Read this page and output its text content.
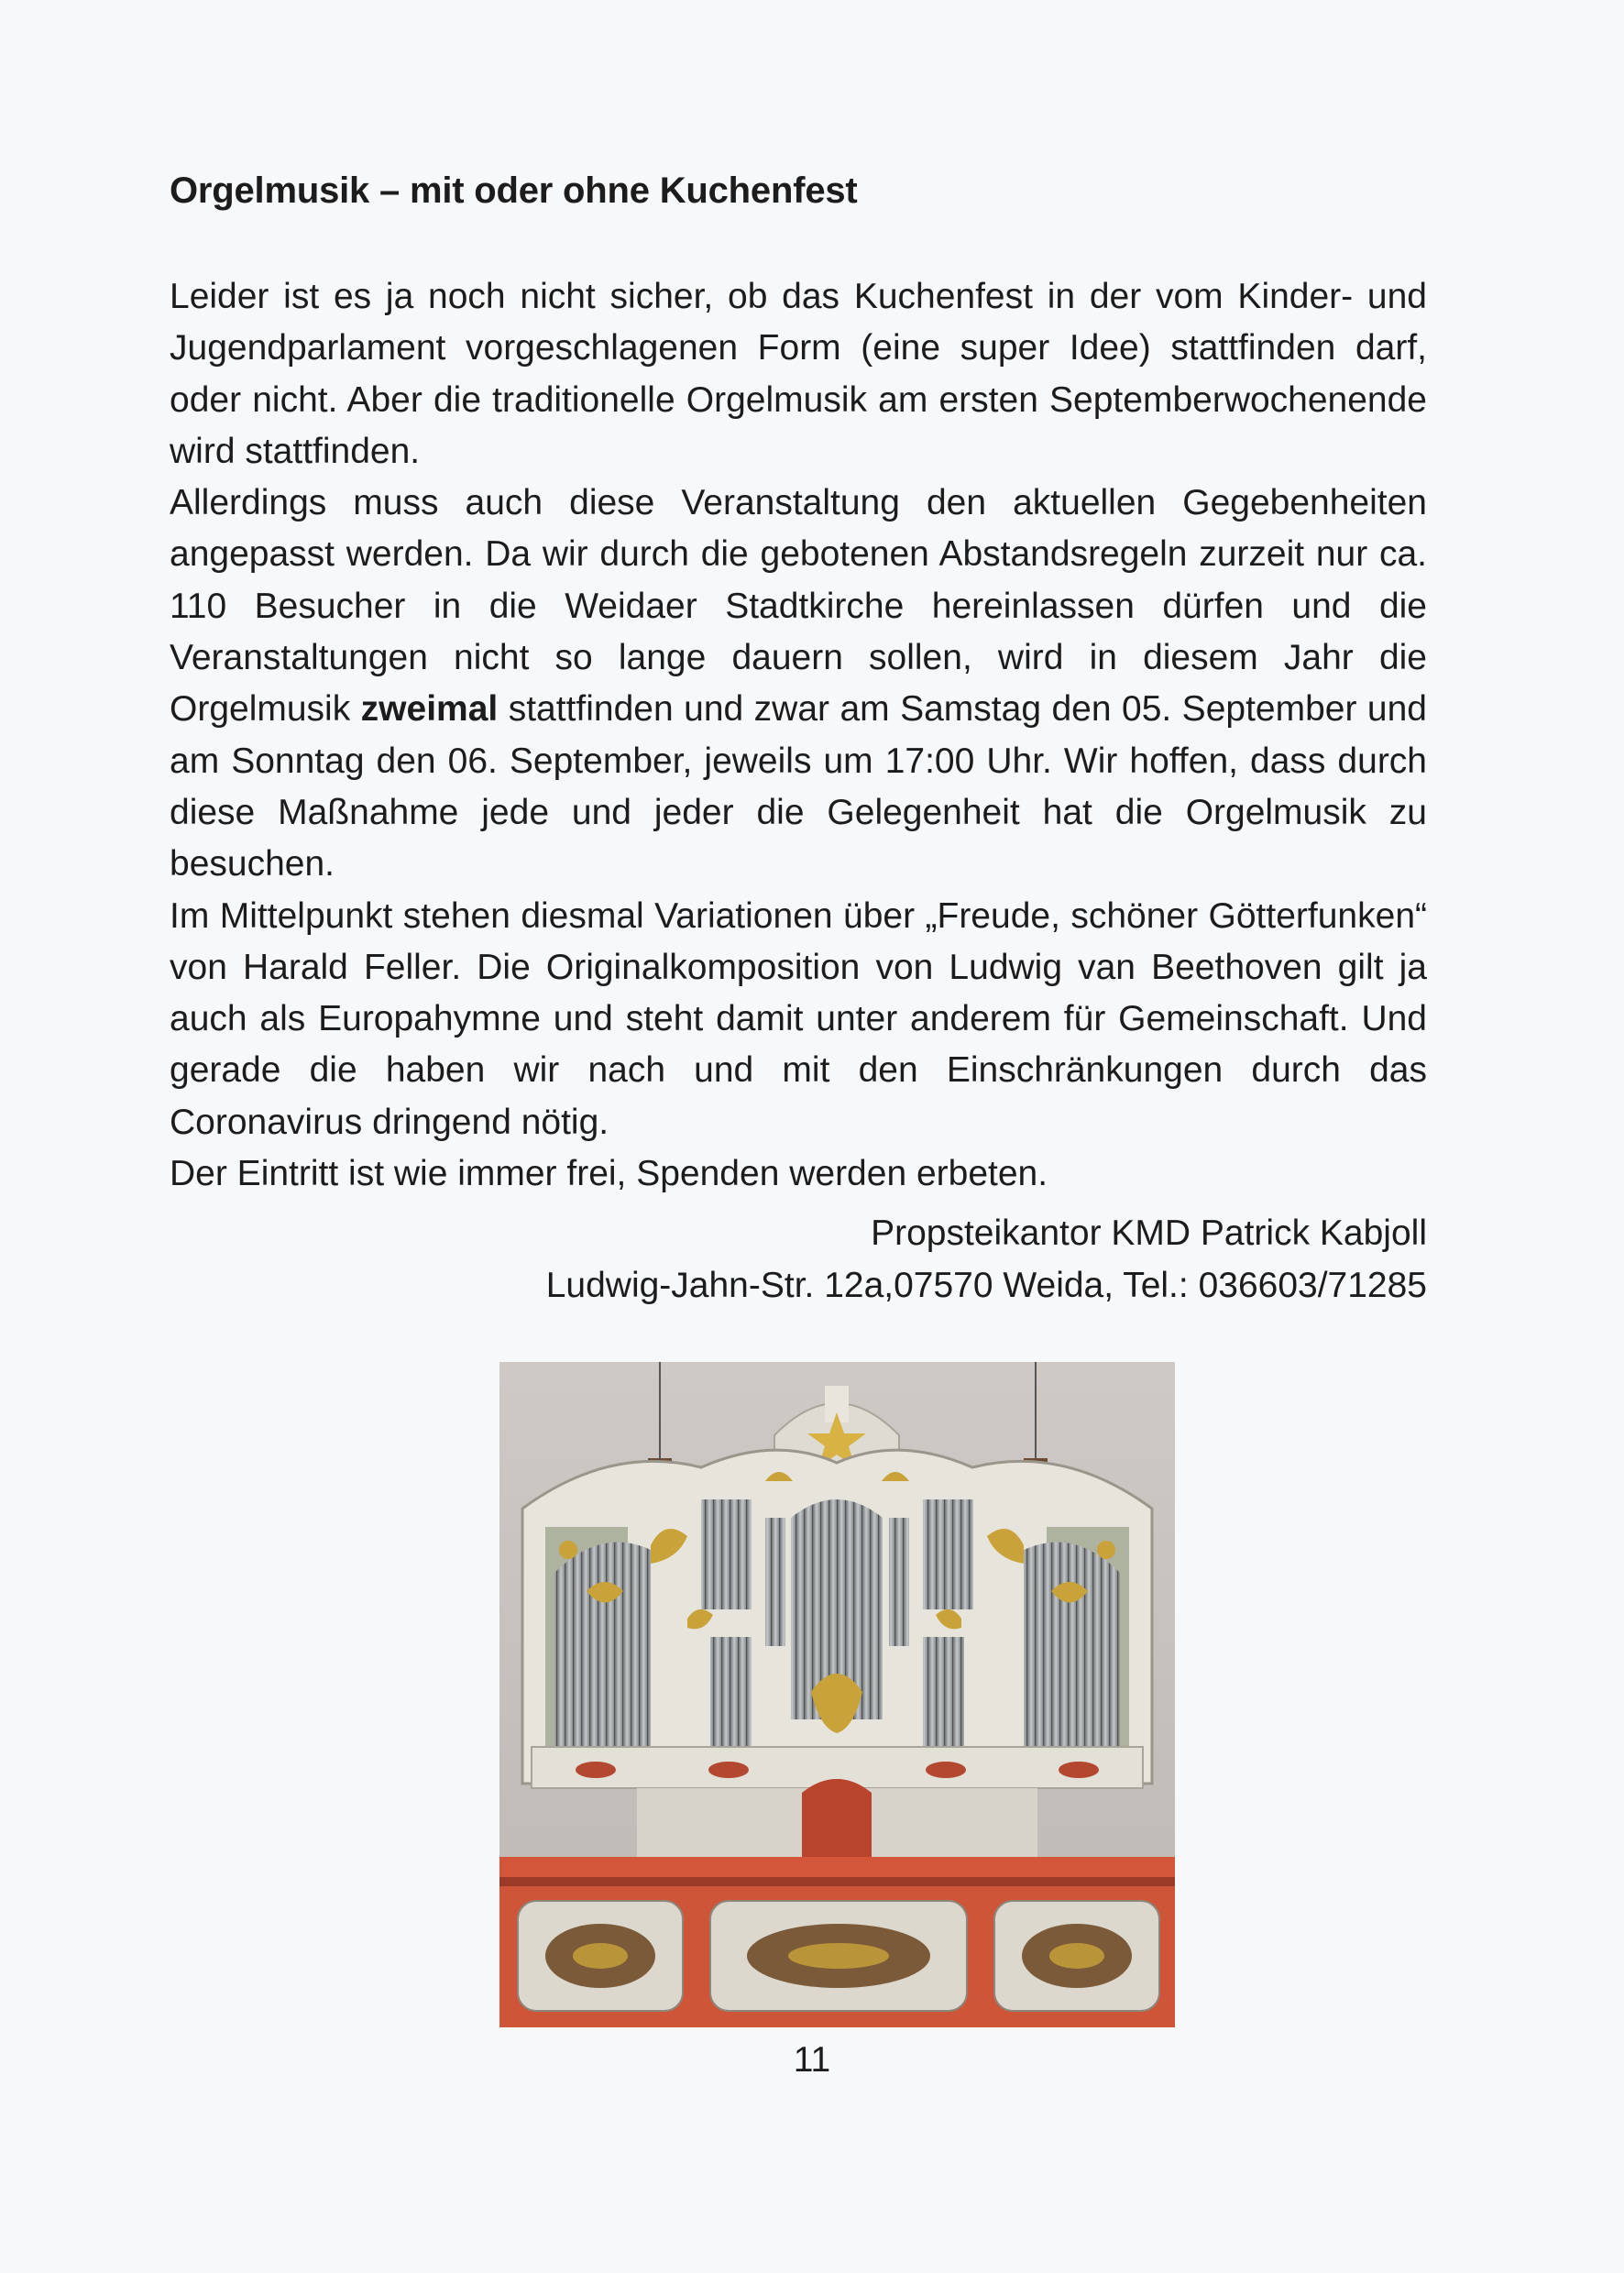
Orgelmusik – mit oder ohne Kuchenfest

Leider ist es ja noch nicht sicher, ob das Kuchenfest in der vom Kinder- und Jugendparlament vorgeschlagenen Form (eine super Idee) stattfinden darf, oder nicht. Aber die traditionelle Orgelmusik am ersten Septemberwochenende wird stattfinden.

Allerdings muss auch diese Veranstaltung den aktuellen Gegebenheiten angepasst werden. Da wir durch die gebotenen Abstandsregeln zurzeit nur ca. 110 Besucher in die Weidaer Stadtkirche hereinlassen dürfen und die Veranstaltungen nicht so lange dauern sollen, wird in diesem Jahr die Orgelmusik zweimal stattfinden und zwar am Samstag den 05. September und am Sonntag den 06. September, jeweils um 17:00 Uhr. Wir hoffen, dass durch diese Maßnahme jede und jeder die Gelegenheit hat die Orgelmusik zu besuchen.

Im Mittelpunkt stehen diesmal Variationen über „Freude, schöner Götterfunken“ von Harald Feller. Die Originalkomposition von Ludwig van Beethoven gilt ja auch als Europahymne und steht damit unter anderem für Gemeinschaft. Und gerade die haben wir nach und mit den Einschränkungen durch das Coronavirus dringend nötig.

Der Eintritt ist wie immer frei, Spenden werden erbeten.

Propsteikantor KMD Patrick Kabjoll
Ludwig-Jahn-Str. 12a,07570 Weida, Tel.: 036603/71285
11
